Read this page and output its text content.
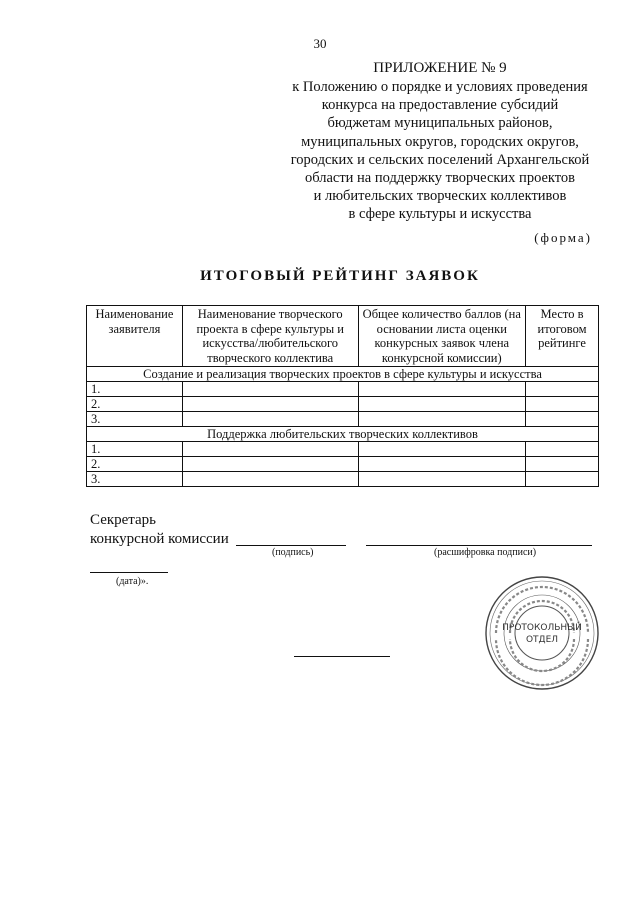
30
ПРИЛОЖЕНИЕ № 9
к Положению о порядке и условиях проведения
конкурса на предоставление субсидий
бюджетам муниципальных районов,
муниципальных округов, городских округов,
городских и сельских поселений Архангельской
области на поддержку творческих проектов
и любительских творческих коллективов
в сфере культуры и искусства
(форма)
ИТОГОВЫЙ РЕЙТИНГ ЗАЯВОК
Наименование заявителя	Наименование творческого проекта в сфере культуры и искусства/любительского творческого коллектива	Общее количество баллов (на основании листа оценки конкурсных заявок члена конкурсной комиссии)	Место в итоговом рейтинге
Создание и реализация творческих проектов в сфере культуры и искусства			
1.			
2.			
3.			
Поддержка любительских творческих коллективов			
1.			
2.			
3.			
Секретарь
конкурсной комиссии
(подпись)	(расшифровка подписи)
(дата)».
ПРОТОКОЛЬНЫЙ
ОТДЕЛ
